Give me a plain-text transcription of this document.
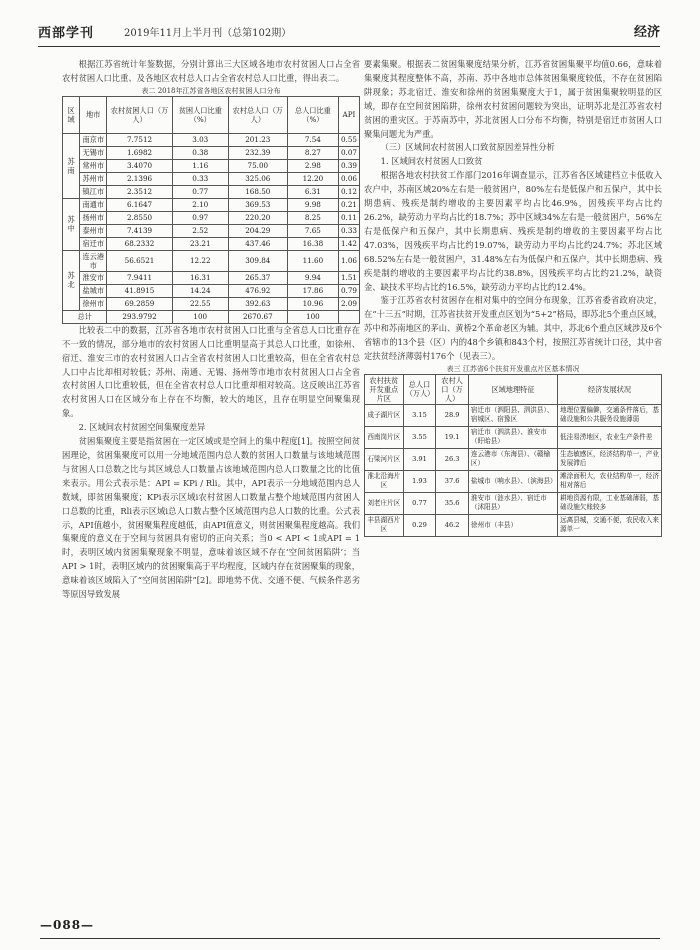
西部学刊	2019年11月上半月刊（总第102期）	经济

根据江苏省统计年鉴数据，分别计算出三大区域各地市农村贫困人口占全省农村贫困人口比重、及各地区农村总人口占全省农村总人口比重，得出表二。

表二 2018年江苏省各地区农村贫困人口分布
区域	地市	农村贫困人口（万人）	贫困人口比重（%）	农村总人口（万人）	总人口比重（%）	API
苏南	南京市	7.7512	3.03	201.23	7.54	0.55
	无锡市	1.6982	0.38	232.39	8.27	0.07
	常州市	3.4070	1.16	75.00	2.98	0.39
	苏州市	2.1396	0.33	325.06	12.20	0.06
	镇江市	2.3512	0.77	168.50	6.31	0.12
苏中	南通市	6.1647	2.10	369.53	9.98	0.21
	扬州市	2.8550	0.97	220.20	8.25	0.11
	泰州市	7.4139	2.52	204.29	7.65	0.33
	宿迁市	68.2332	23.21	437.46	16.38	1.42
苏北	连云港市	56.6521	12.22	309.84	11.60	1.06
	淮安市	7.9411	16.31	265.37	9.94	1.51
	盐城市	41.8915	14.24	476.92	17.86	0.79
	徐州市	69.2859	22.55	392.63	10.96	2.09
总计		293.9792	100	2670.67	100	

比较表二中的数据，江苏省各地市农村贫困人口比重与全省总人口比重存在不一致的情况，部分地市的农村贫困人口比重明显高于其总人口比重，如徐州、宿迁、淮安三市的农村贫困人口占全省农村贫困人口比重较高，但在全省农村总人口中占比却相对较低；苏州、南通、无锡、扬州等市地市农村贫困人口占全省农村贫困人口比重较低，但在全省农村总人口比重却相对较高。这反映出江苏省农村贫困人口在区域分布上存在不均衡，较大的地区，且存在明显空间聚集现象。

2. 区域间农村贫困空间集聚度差异

贫困集聚度主要是指贫困在一定区域或是空间上的集中程度[1]。按照空间贫困理论，贫困集聚度可以用一分地域范围内总人数的贫困人口数量与该地域范围与贫困人口总数之比与其区域总人口数量占该地域范围内总人口数量之比的比值来表示。用公式表示是：API = KPi / Rli。其中，API表示一分地域范围内总人数域，即贫困集聚度；KPi表示区域i农村贫困人口数量占整个地域范围内贫困人口总数的比重，Rli表示区域i总人口数占整个区域范围内总人口数的比重。公式表示，API值越小，贫困聚集程度越低，由API值意义，则贫困聚集程度越高。我们集聚度的意义在于空间与贫困具有密切的正向关系；当0 < API < 1或API = 1时，表明区域内贫困集聚现象不明显，意味着该区域不存在‘空间贫困陷阱’；当API > 1时，表明区域内的贫困聚集高于平均程度，区域内存在贫困聚集的现象，意味着该区域陷入了“空间贫困陷阱”[2]。即地势不优、交通不便、气候条件恶劣等原因导致发展

要素集聚。根据表二贫困集聚度结果分析，江苏省贫困集聚平均值0.66，意味着集聚度其程度整体不高，苏南、苏中各地市总体贫困集聚度较低，不存在贫困陷阱现象；苏北宿迁、淮安和徐州的贫困集聚度大于1，属于贫困集聚较明显的区域，即存在空间贫困陷阱，徐州农村贫困问题较为突出，证明苏北是江苏省农村贫困的重灾区。于苏南苏中，苏北贫困人口分布不均衡，特别是宿迁市贫困人口聚集问题尤为严重。

（三）区域间农村贫困人口致贫原因差异性分析

1. 区域间农村贫困人口致贫

根据各地农村扶贫工作部门2016年调查显示，江苏省各区域建档立卡低收入农户中，苏南区域20%左右是一般贫困户，80%左右是低保户和五保户，其中长期患病、残疾是制约增收的主要因素平均占比46.9%，因残疾平均占比约26.2%，缺劳动力平均占比约18.7%；苏中区域34%左右是一般贫困户，56%左右是低保户和五保户，其中长期患病、残疾是制约增收的主要因素平均占比47.03%，因残疾平均占比约19.07%，缺劳动力平均占比约24.7%；苏北区域68.52%左右是一般贫困户，31.48%左右为低保户和五保户，其中长期患病、残疾是制约增收的主要因素平均占比约38.8%，因残疾平均占比约21.2%，缺资金、缺技术平均占比约16.5%，缺劳动力平均占比约12.4%。

鉴于江苏省农村贫困存在相对集中的空间分布现象，江苏省委省政府决定，在“十三五”时期，江苏省扶贫开发重点区划为“5+2”格局，即苏北5个重点区域，苏中和苏南地区的茅山、黄桥2个革命老区为辅。其中，苏北6个重点区域涉及6个省辖市的13个县（区）内的48个乡镇和843个村，按照江苏省统计口径，其中省定扶贫经济薄弱村176个（见表三）。

表三 江苏省6个扶贫开发重点片区基本情况
农村扶贫开发重点片区	总人口（万人）	农村人口（万人）	区域地理特征	经济发展状况
成子湖片区	3.15	28.9	宿迁市（泗阳县、泗洪县）、宿城区、宿豫区	地理位置偏僻，交通条件落后，基础设施和公共服务设施薄弱
西南岗片区	3.55	19.1	宿迁市（泗洪县）、淮安市（盱眙县）	低洼易涝地区，农业生产条件差
石梁河片区	3.91	26.3	连云港市（东海县）、（赣榆区）	生态敏感区，经济结构单一，产业发展滞后
淮北沿海片区	1.93	37.6	盐城市（响水县）、（滨海县）	滩涂面积大，农业结构单一，经济相对落后
刘老庄片区	0.77	35.6	淮安市（涟水县）、宿迁市（沭阳县）	耕地资源有限，工业基础薄弱，基础设施欠账较多
丰县湖西片区	0.29	46.2	徐州市（丰县）	远离县城，交通不便，农民收入来源单一
—088—
